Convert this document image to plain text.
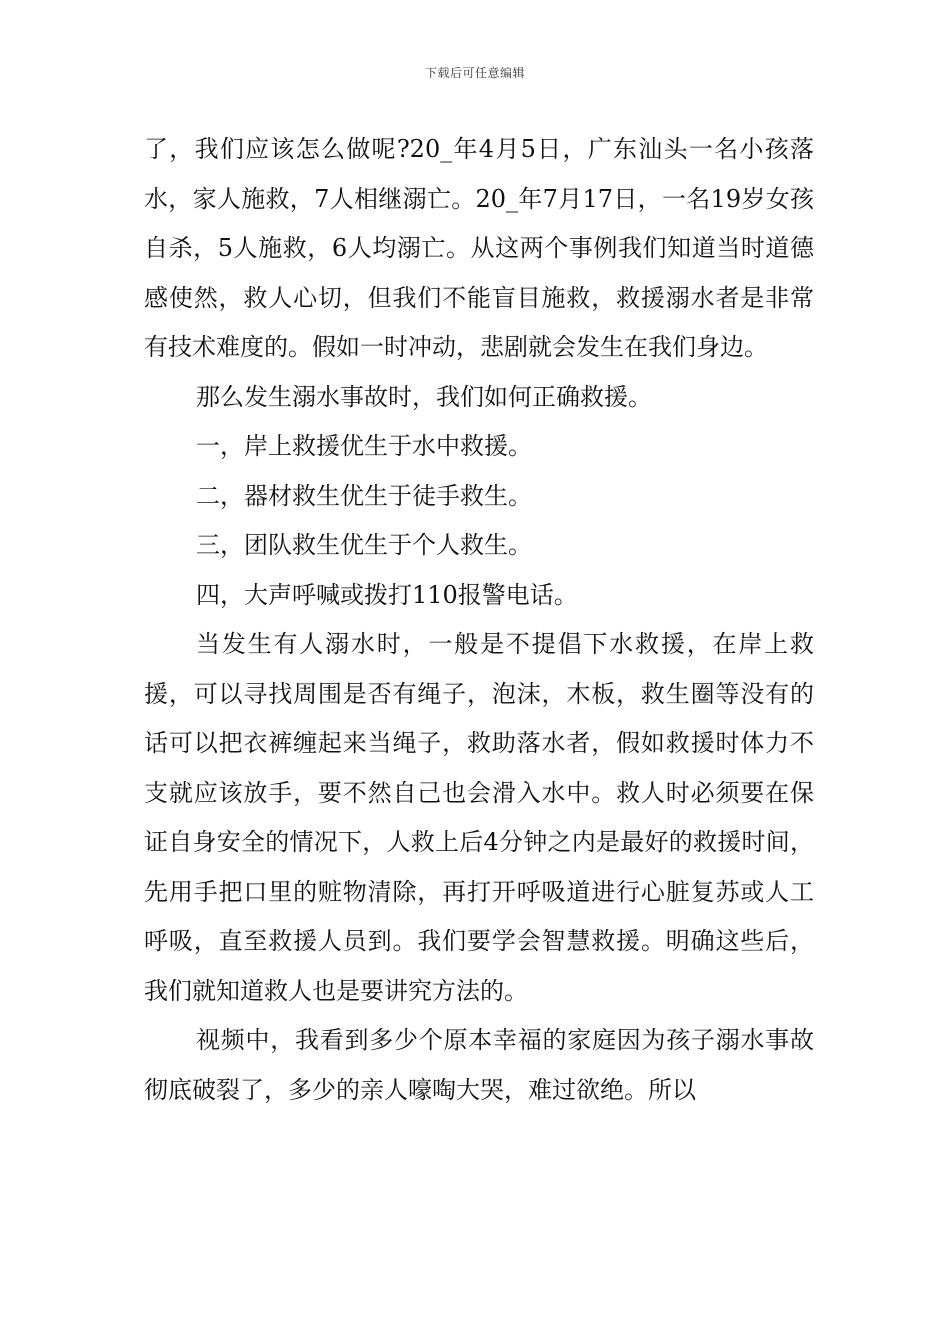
下载后可任意编辑

了，我们应该怎么做呢?20_年4月5日，广东汕头一名小孩落水，家人施救，7人相继溺亡。20_年7月17日，一名19岁女孩自杀，5人施救，6人均溺亡。从这两个事例我们知道当时道德感使然，救人心切，但我们不能盲目施救，救援溺水者是非常有技术难度的。假如一时冲动，悲剧就会发生在我们身边。

那么发生溺水事故时，我们如何正确救援。

一，岸上救援优生于水中救援。

二，器材救生优生于徒手救生。

三，团队救生优生于个人救生。

四，大声呼喊或拨打110报警电话。

当发生有人溺水时，一般是不提倡下水救援，在岸上救援，可以寻找周围是否有绳子，泡沫，木板，救生圈等没有的话可以把衣裤缠起来当绳子，救助落水者，假如救援时体力不支就应该放手，要不然自己也会滑入水中。救人时必须要在保证自身安全的情况下，人救上后4分钟之内是最好的救援时间，先用手把口里的赃物清除，再打开呼吸道进行心脏复苏或人工呼吸，直至救援人员到。我们要学会智慧救援。明确这些后，我们就知道救人也是要讲究方法的。

视频中，我看到多少个原本幸福的家庭因为孩子溺水事故彻底破裂了，多少的亲人嚎啕大哭，难过欲绝。所以
